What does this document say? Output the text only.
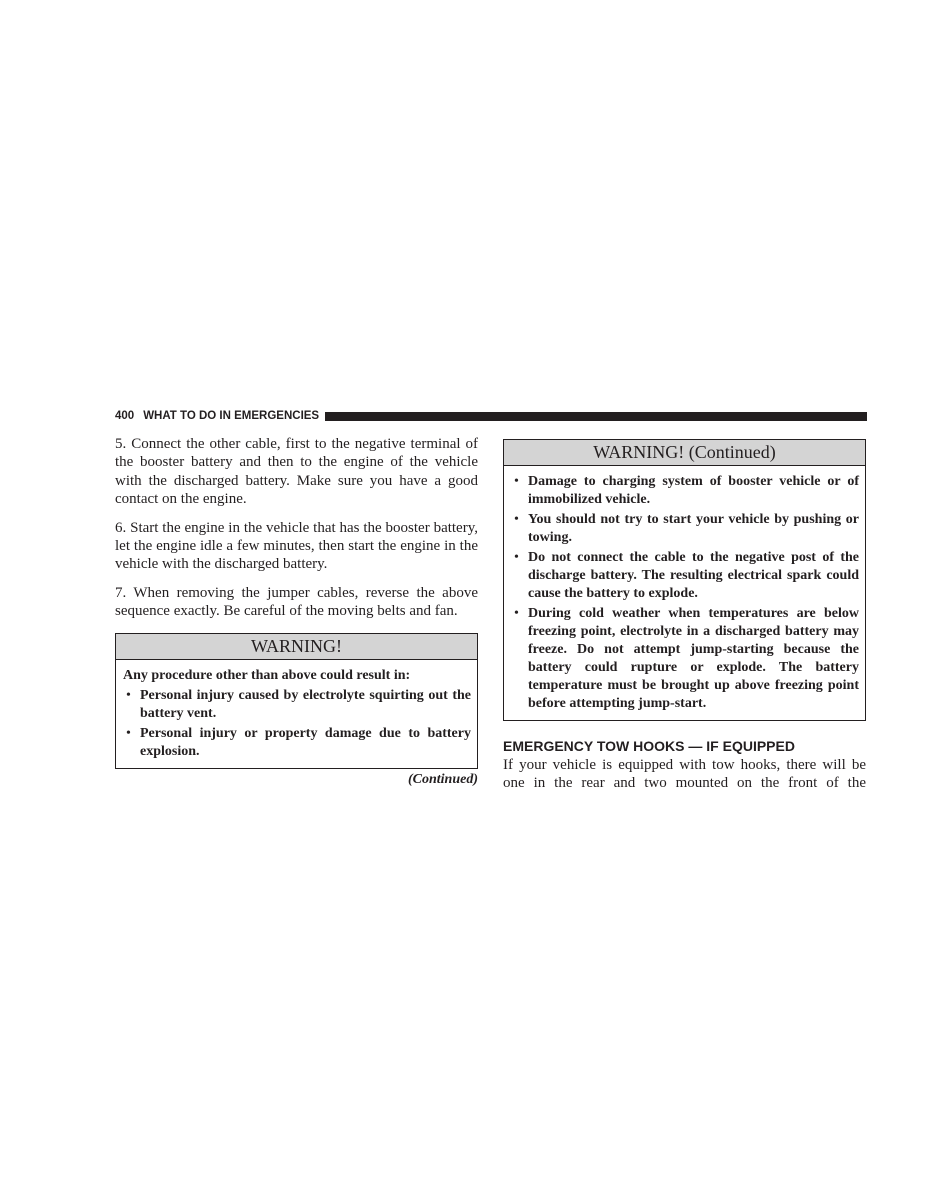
400 WHAT TO DO IN EMERGENCIES

5. Connect the other cable, first to the negative terminal of the booster battery and then to the engine of the vehicle with the discharged battery. Make sure you have a good contact on the engine.

6. Start the engine in the vehicle that has the booster battery, let the engine idle a few minutes, then start the engine in the vehicle with the discharged battery.

7. When removing the jumper cables, reverse the above sequence exactly. Be careful of the moving belts and fan.

WARNING!

Any procedure other than above could result in:

• Personal injury caused by electrolyte squirting out the battery vent.
• Personal injury or property damage due to battery explosion.
(Continued)
WARNING! (Continued)
• Damage to charging system of booster vehicle or of immobilized vehicle.
• You should not try to start your vehicle by pushing or towing.
• Do not connect the cable to the negative post of the discharge battery. The resulting electrical spark could cause the battery to explode.
• During cold weather when temperatures are below freezing point, electrolyte in a discharged battery may freeze. Do not attempt jump-starting because the battery could rupture or explode. The battery temperature must be brought up above freezing point before attempting jump-start.
EMERGENCY TOW HOOKS — IF EQUIPPED

If your vehicle is equipped with tow hooks, there will be one in the rear and two mounted on the front of the
